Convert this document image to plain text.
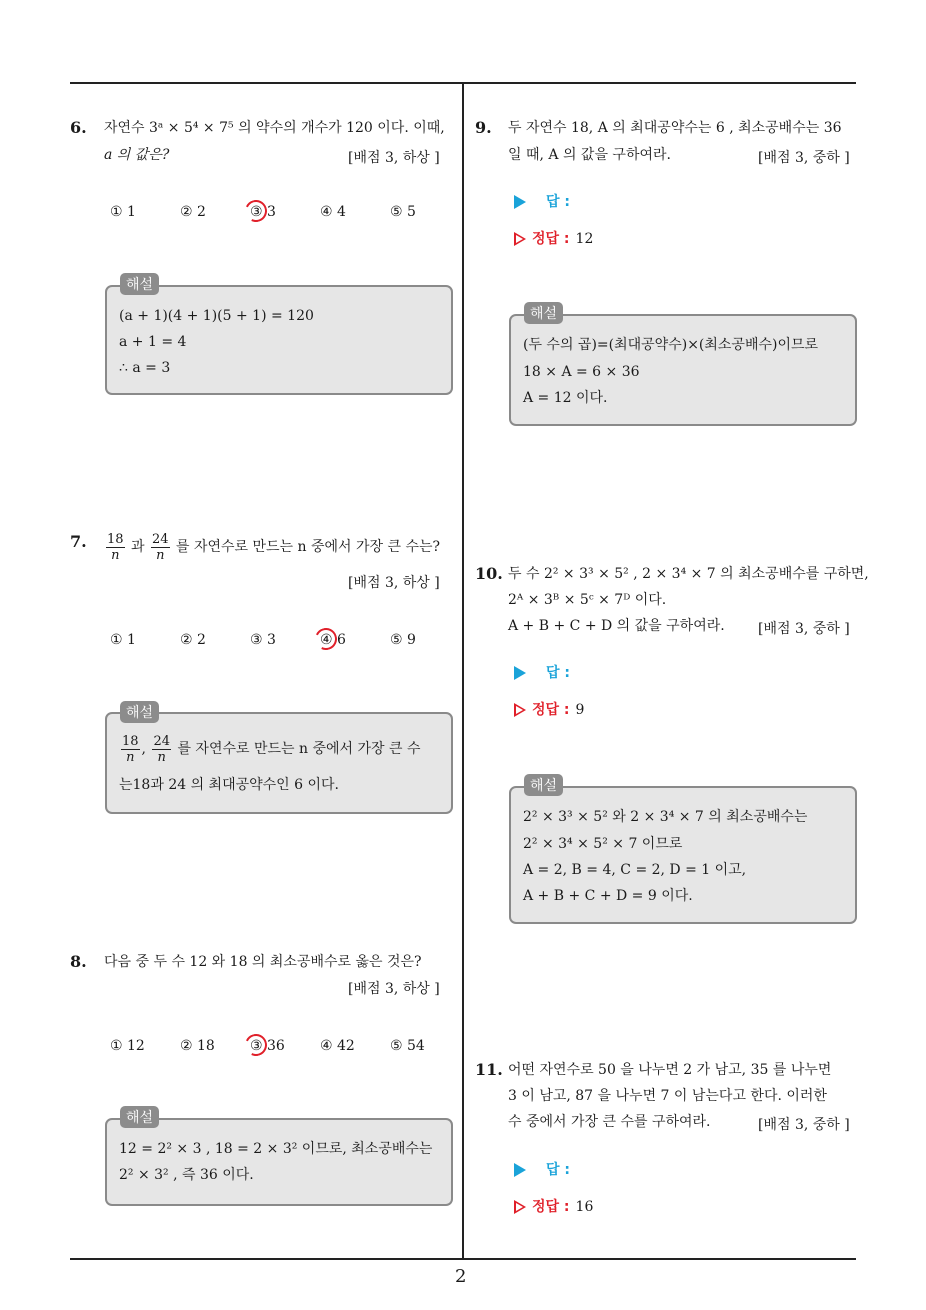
6. 자연수 3ᵃ × 5⁴ × 7⁵ 의 약수의 개수가 120 이다. 이때,
a 의 값은?	[배점 3, 하상 ]
① 1	② 2	③ 3	④ 4	⑤ 5
(a + 1)(4 + 1)(5 + 1) = 120
a + 1 = 4
∴ a = 3
해설
7. $\frac{18}{n}$ 과 $\frac{24}{n}$ 를 자연수로 만드는 n 중에서 가장 큰 수는?
[배점 3, 하상 ]
① 1	② 2	③ 3	④ 6	⑤ 9
$\frac{18}{n}$ , $\frac{24}{n}$ 를 자연수로 만드는 n 중에서 가장 큰 수
는18과 24 의 최대공약수인 6 이다.
해설
8. 다음 중 두 수 12 와 18 의 최소공배수로 옳은 것은?
[배점 3, 하상 ]
① 12	② 18	③ 36	④ 42	⑤ 54
12 = 2² × 3 , 18 = 2 × 3² 이므로, 최소공배수는
2² × 3² , 즉 36 이다.
해설
9. 두 자연수 18, A 의 최대공약수는 6 , 최소공배수는 36
일 때, A 의 값을 구하여라.	[배점 3, 중하 ]
답 :
정답 : 12
(두 수의 곱)=(최대공약수)×(최소공배수)이므로
18 × A = 6 × 36
A = 12 이다.
해설
10. 두 수 2² × 3³ × 5² , 2 × 3⁴ × 7 의 최소공배수를 구하면,
2ᴬ × 3ᴮ × 5ᶜ × 7ᴰ 이다.
A + B + C + D 의 값을 구하여라. [배점 3, 중하 ]
답 :
정답 : 9
2² × 3³ × 5² 와 2 × 3⁴ × 7 의 최소공배수는
2² × 3⁴ × 5² × 7 이므로
A = 2, B = 4, C = 2, D = 1 이고,
A + B + C + D = 9 이다.
해설
11. 어떤 자연수로 50 을 나누면 2 가 남고, 35 를 나누면
3 이 남고, 87 을 나누면 7 이 남는다고 한다. 이러한
수 중에서 가장 큰 수를 구하여라.	[배점 3, 중하 ]
답 :
정답 : 16
2
